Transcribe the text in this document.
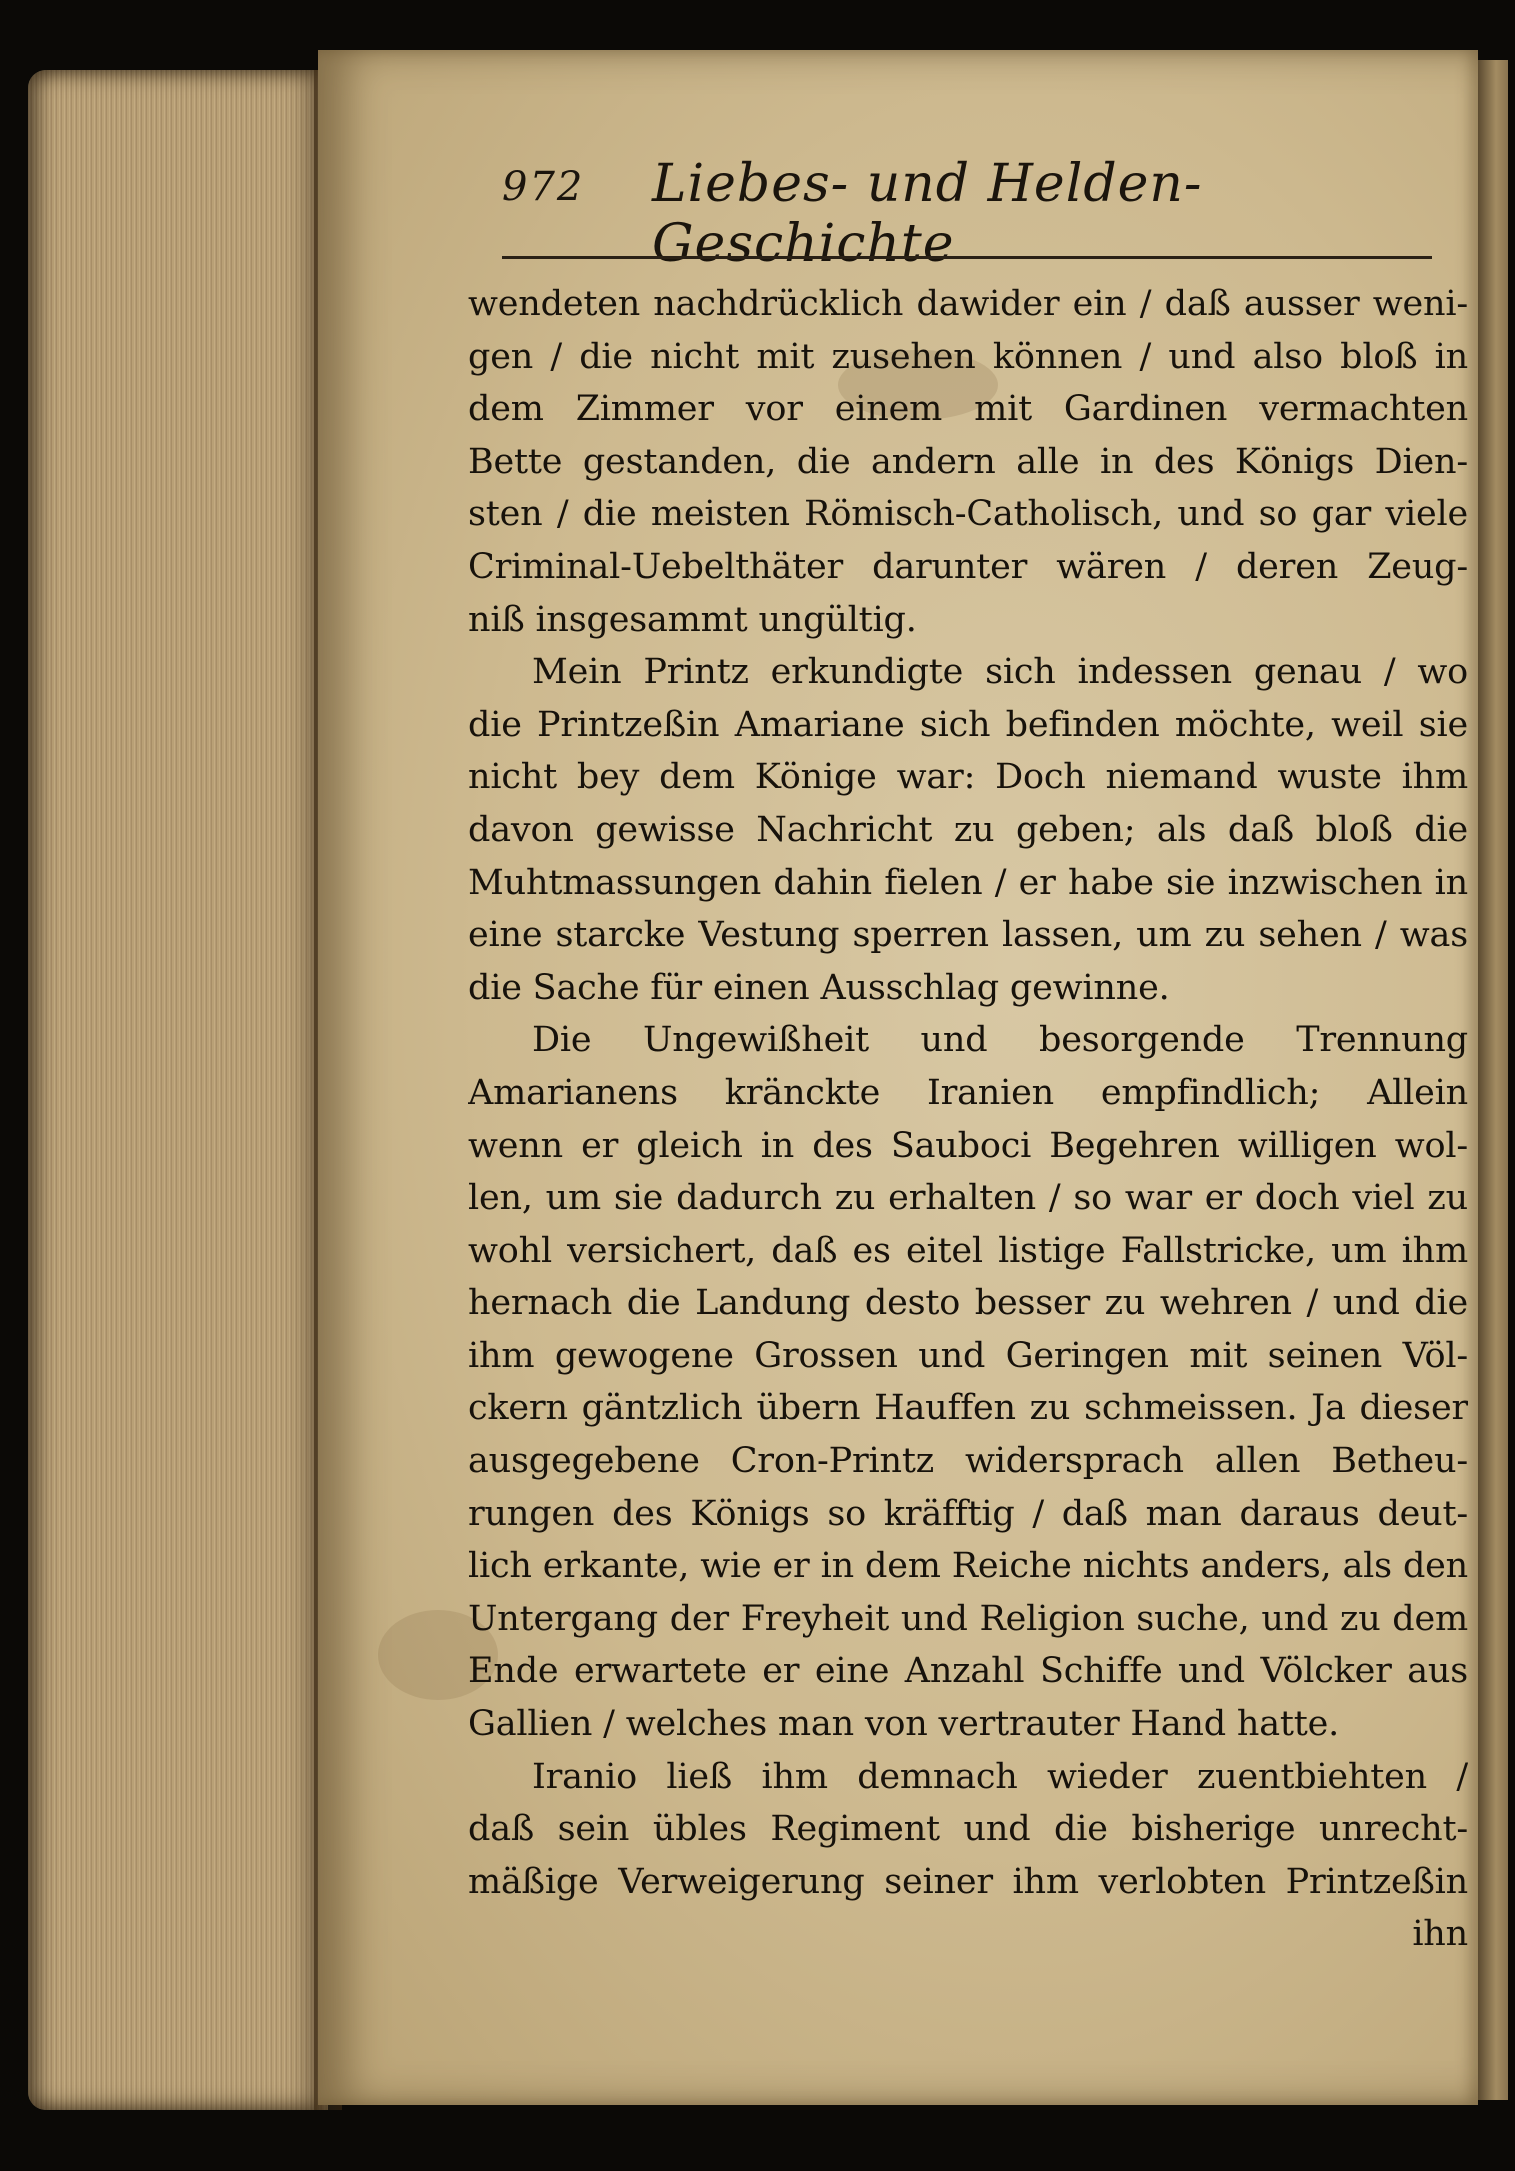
972 Liebes- und Helden-Geschichte
wendeten nachdrücklich dawider ein / daß ausser weni-
gen / die nicht mit zusehen können / und also bloß in
dem Zimmer vor einem mit Gardinen vermachten
Bette gestanden, die andern alle in des Königs Dien-
sten / die meisten Römisch-Catholisch, und so gar viele
Criminal-Uebelthäter darunter wären / deren Zeug-
niß insgesammt ungültig.
Mein Printz erkundigte sich indessen genau / wo
die Printzeßin Amariane sich befinden möchte, weil sie
nicht bey dem Könige war: Doch niemand wuste ihm
davon gewisse Nachricht zu geben; als daß bloß die
Muhtmassungen dahin fielen / er habe sie inzwischen in
eine starcke Vestung sperren lassen, um zu sehen / was
die Sache für einen Ausschlag gewinne.
Die Ungewißheit und besorgende Trennung
Amarianens kränckte Iranien empfindlich; Allein
wenn er gleich in des Sauboci Begehren willigen wol-
len, um sie dadurch zu erhalten / so war er doch viel zu
wohl versichert, daß es eitel listige Fallstricke, um ihm
hernach die Landung desto besser zu wehren / und die
ihm gewogene Grossen und Geringen mit seinen Völ-
ckern gäntzlich übern Hauffen zu schmeissen. Ja dieser
ausgegebene Cron-Printz widersprach allen Betheu-
rungen des Königs so kräfftig / daß man daraus deut-
lich erkante, wie er in dem Reiche nichts anders, als den
Untergang der Freyheit und Religion suche, und zu dem
Ende erwartete er eine Anzahl Schiffe und Völcker aus
Gallien / welches man von vertrauter Hand hatte.
Iranio ließ ihm demnach wieder zuentbiehten /
daß sein übles Regiment und die bisherige unrecht-
mäßige Verweigerung seiner ihm verlobten Printzeßin
ihn
